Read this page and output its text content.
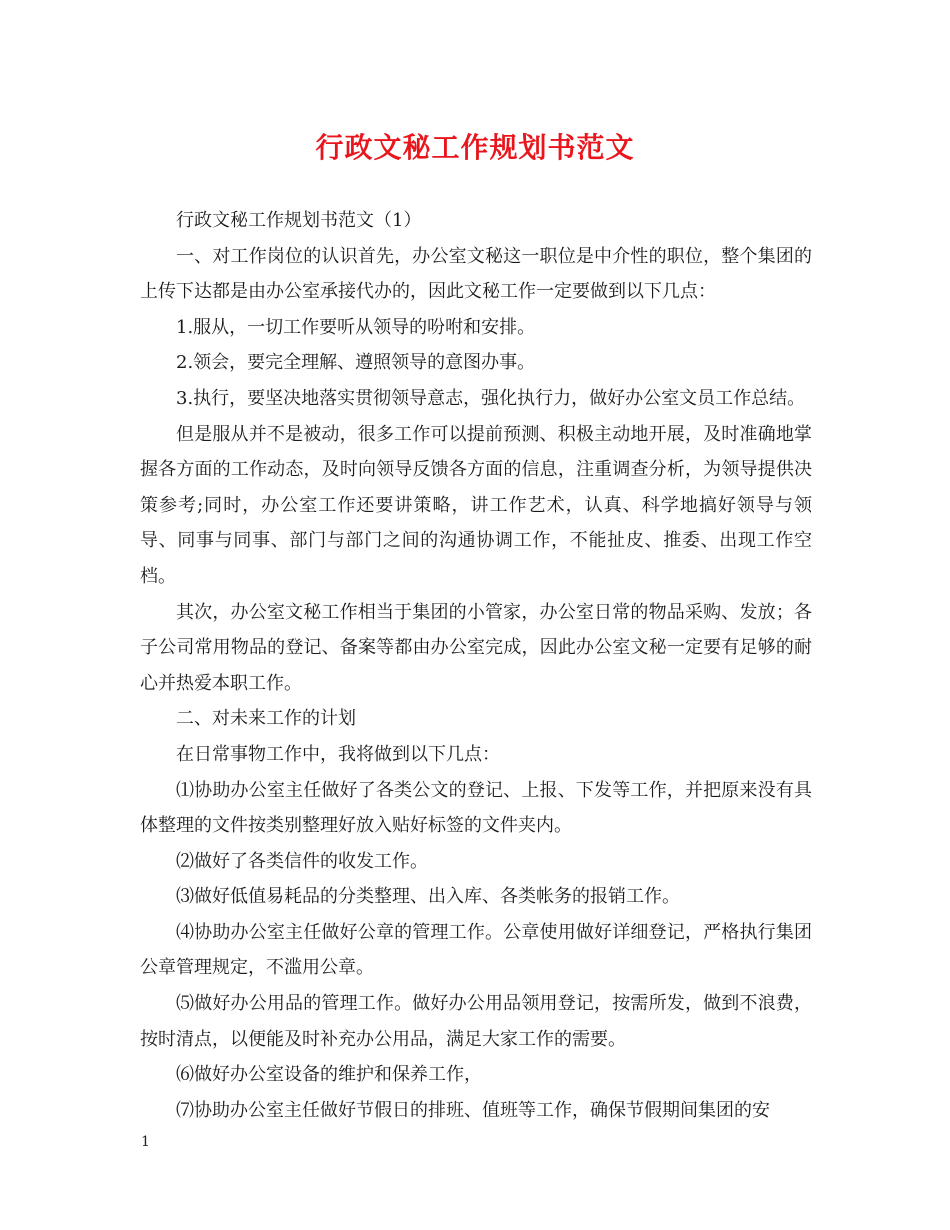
行政文秘工作规划书范文

行政文秘工作规划书范文（1）

一、对工作岗位的认识首先，办公室文秘这一职位是中介性的职位，整个集团的上传下达都是由办公室承接代办的，因此文秘工作一定要做到以下几点：

1.服从，一切工作要听从领导的吩咐和安排。

2.领会，要完全理解、遵照领导的意图办事。

3.执行，要坚决地落实贯彻领导意志，强化执行力，做好办公室文员工作总结。

但是服从并不是被动，很多工作可以提前预测、积极主动地开展，及时准确地掌握各方面的工作动态，及时向领导反馈各方面的信息，注重调查分析，为领导提供决策参考;同时，办公室工作还要讲策略，讲工作艺术，认真、科学地搞好领导与领导、同事与同事、部门与部门之间的沟通协调工作，不能扯皮、推委、出现工作空档。

其次，办公室文秘工作相当于集团的小管家，办公室日常的物品采购、发放；各子公司常用物品的登记、备案等都由办公室完成，因此办公室文秘一定要有足够的耐心并热爱本职工作。

二、对未来工作的计划

在日常事物工作中，我将做到以下几点：

⑴协助办公室主任做好了各类公文的登记、上报、下发等工作，并把原来没有具体整理的文件按类别整理好放入贴好标签的文件夹内。

⑵做好了各类信件的收发工作。

⑶做好低值易耗品的分类整理、出入库、各类帐务的报销工作。

⑷协助办公室主任做好公章的管理工作。公章使用做好详细登记，严格执行集团公章管理规定，不滥用公章。

⑸做好办公用品的管理工作。做好办公用品领用登记，按需所发，做到不浪费，按时清点，以便能及时补充办公用品，满足大家工作的需要。

⑹做好办公室设备的维护和保养工作，

⑺协助办公室主任做好节假日的排班、值班等工作，确保节假期间集团的安

1
